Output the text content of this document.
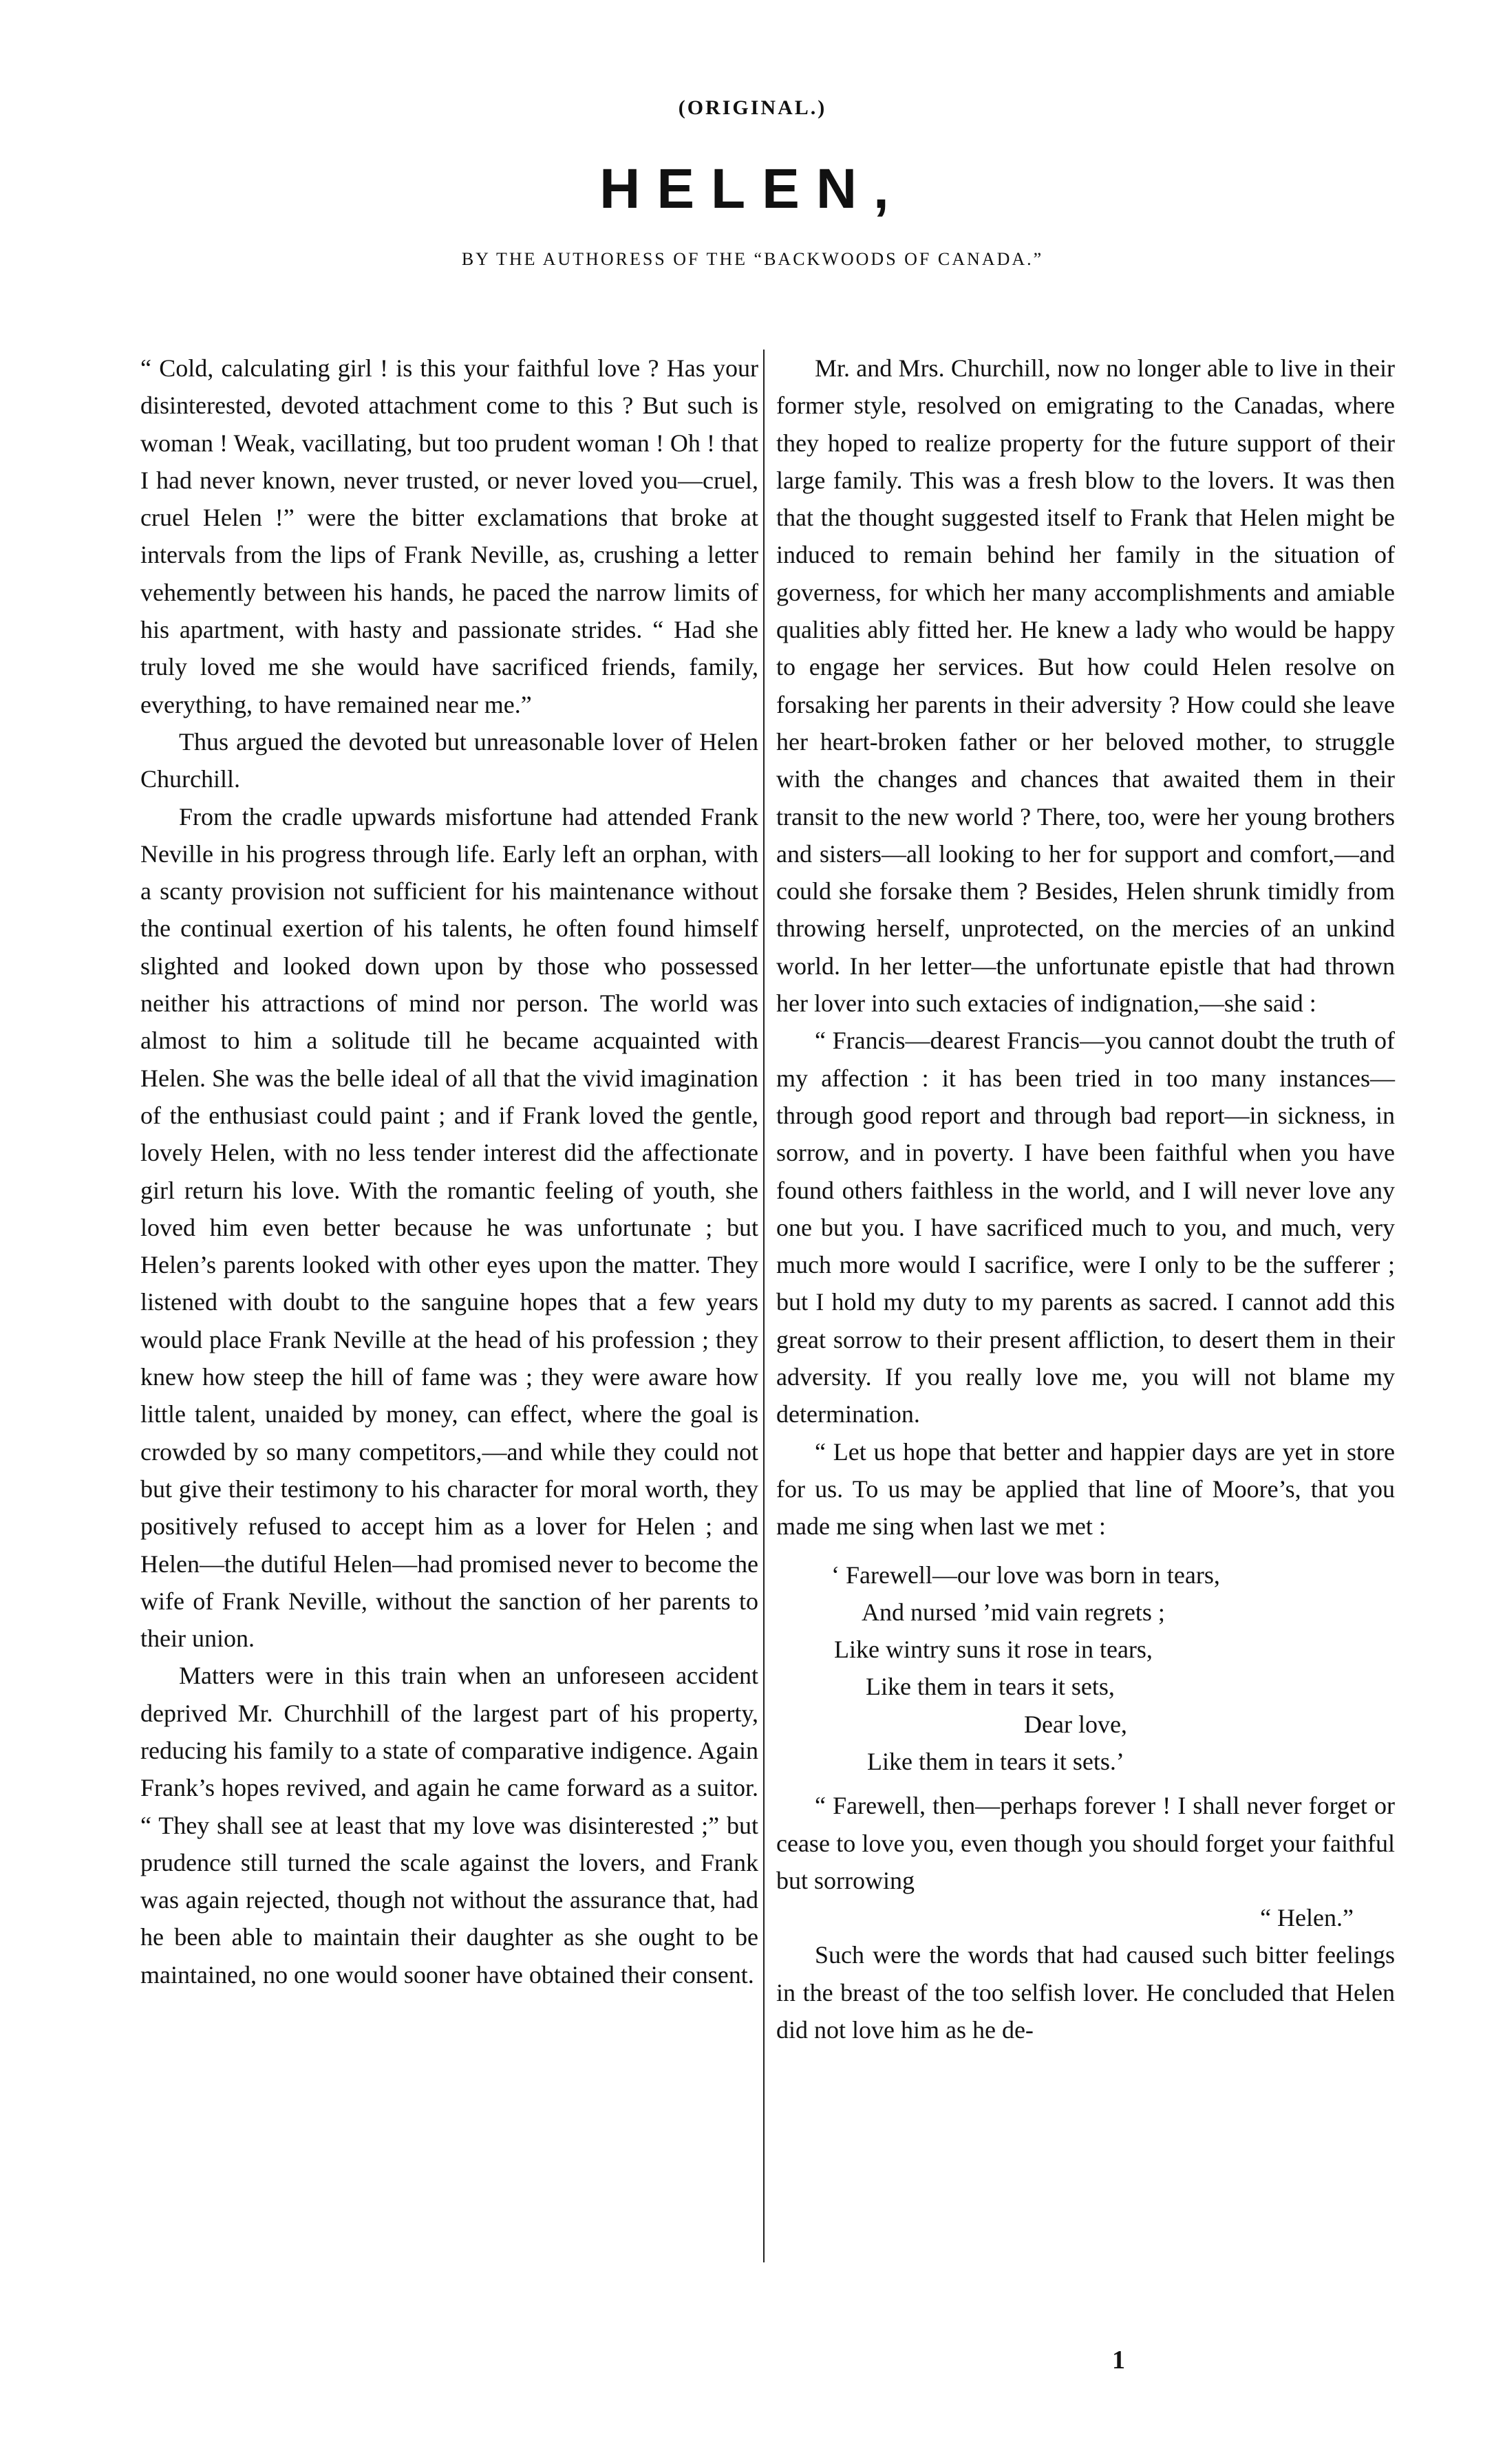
(ORIGINAL.)
HELEN,
BY THE AUTHORESS OF THE “BACKWOODS OF CANADA.”

“ Cold, calculating girl ! is this your faithful love ? Has your disinterested, devoted attachment come to this ? But such is woman ! Weak, vacillating, but too prudent woman ! Oh ! that I had never known, never trusted, or never loved you—cruel, cruel Helen !” were the bitter exclamations that broke at intervals from the lips of Frank Neville, as, crushing a letter vehemently between his hands, he paced the narrow limits of his apartment, with hasty and passionate strides. “ Had she truly loved me she would have sacrificed friends, family, everything, to have remained near me.”

Thus argued the devoted but unreasonable lover of Helen Churchill.

From the cradle upwards misfortune had attended Frank Neville in his progress through life. Early left an orphan, with a scanty provision not sufficient for his maintenance without the continual exertion of his talents, he often found himself slighted and looked down upon by those who possessed neither his attractions of mind nor person. The world was almost to him a solitude till he became acquainted with Helen. She was the belle ideal of all that the vivid imagination of the enthusiast could paint ; and if Frank loved the gentle, lovely Helen, with no less tender interest did the affectionate girl return his love. With the romantic feeling of youth, she loved him even better because he was unfortunate ; but Helen’s parents looked with other eyes upon the matter. They listened with doubt to the sanguine hopes that a few years would place Frank Neville at the head of his profession ; they knew how steep the hill of fame was ; they were aware how little talent, unaided by money, can effect, where the goal is crowded by so many competitors,—and while they could not but give their testimony to his character for moral worth, they positively refused to accept him as a lover for Helen ; and Helen—the dutiful Helen—had promised never to become the wife of Frank Neville, without the sanction of her parents to their union.

Matters were in this train when an unforeseen accident deprived Mr. Churchhill of the largest part of his property, reducing his family to a state of comparative indigence. Again Frank’s hopes revived, and again he came forward as a suitor. “ They shall see at least that my love was disinterested ;” but prudence still turned the scale against the lovers, and Frank was again rejected, though not without the assurance that, had he been able to maintain their daughter as she ought to be maintained, no one would sooner have obtained their consent.

Mr. and Mrs. Churchill, now no longer able to live in their former style, resolved on emigrating to the Canadas, where they hoped to realize property for the future support of their large family. This was a fresh blow to the lovers. It was then that the thought suggested itself to Frank that Helen might be induced to remain behind her family in the situation of governess, for which her many accomplishments and amiable qualities ably fitted her. He knew a lady who would be happy to engage her services. But how could Helen resolve on forsaking her parents in their adversity ? How could she leave her heart-broken father or her beloved mother, to struggle with the changes and chances that awaited them in their transit to the new world ? There, too, were her young brothers and sisters—all looking to her for support and comfort,—and could she forsake them ? Besides, Helen shrunk timidly from throwing herself, unprotected, on the mercies of an unkind world. In her letter—the unfortunate epistle that had thrown her lover into such extacies of indignation,—she said :

“ Francis—dearest Francis—you cannot doubt the truth of my affection : it has been tried in too many instances—through good report and through bad report—in sickness, in sorrow, and in poverty. I have been faithful when you have found others faithless in the world, and I will never love any one but you. I have sacrificed much to you, and much, very much more would I sacrifice, were I only to be the sufferer ; but I hold my duty to my parents as sacred. I cannot add this great sorrow to their present affliction, to desert them in their adversity. If you really love me, you will not blame my determination.

“ Let us hope that better and happier days are yet in store for us. To us may be applied that line of Moore’s, that you made me sing when last we met :

‘ Farewell—our love was born in tears,
And nursed ’mid vain regrets ;
Like wintry suns it rose in tears,
Like them in tears it sets,
Dear love,
Like them in tears it sets.’

“ Farewell, then—perhaps forever ! I shall never forget or cease to love you, even though you should forget your faithful but sorrowing

“ Helen.”

Such were the words that had caused such bitter feelings in the breast of the too selfish lover. He concluded that Helen did not love him as he de-

1
